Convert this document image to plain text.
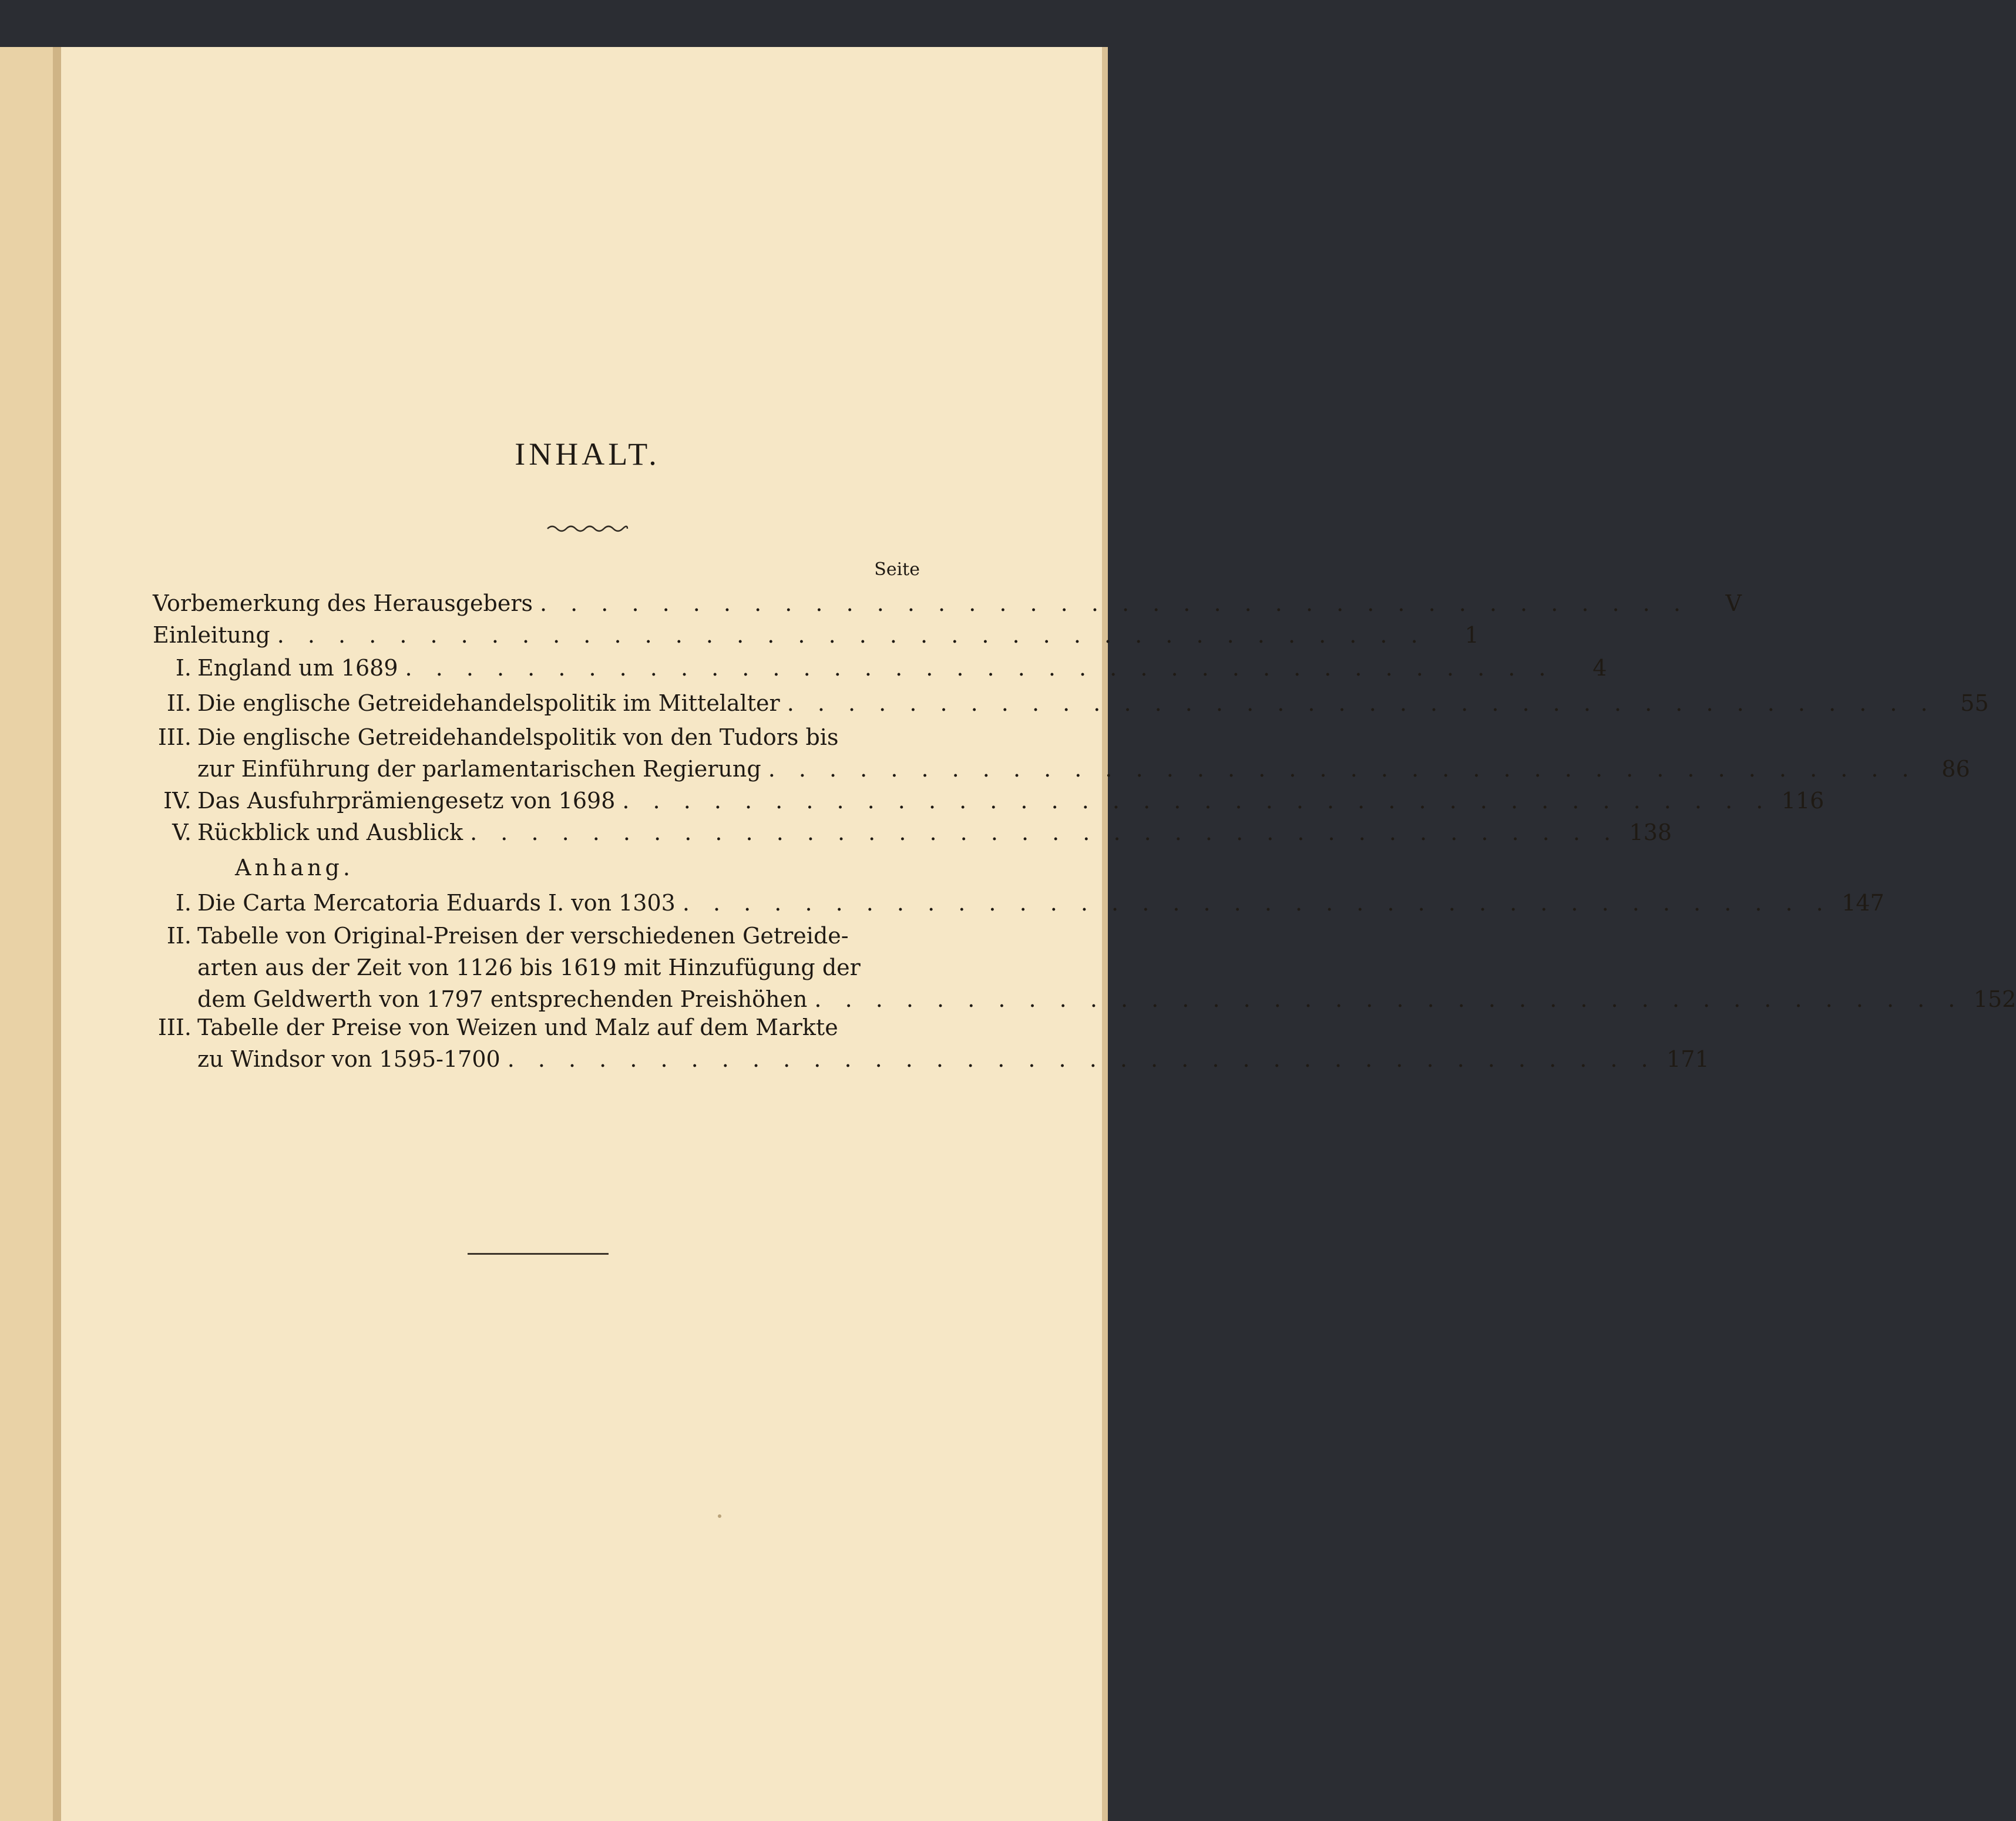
INHALT.
Seite
Vorbemerkung des Herausgebers . . . . . . . . . . . . . . . . . . . . . . . . . . . . . . . . . . . . . .	V
Einleitung . . . . . . . . . . . . . . . . . . . . . . . . . . . . . . . . . . . . . .	1
I. England um 1689 . . . . . . . . . . . . . . . . . . . . . . . . . . . . . . . . . . . . . .	4
II. Die englische Getreidehandelspolitik im Mittelalter . . . . . . . . . . . . . . . . . . . . . . . . . . . . . . . . . . . . . .	55
III. Die englische Getreidehandelspolitik von den Tudors bis
zur Einführung der parlamentarischen Regierung . . . . . . . . . . . . . . . . . . . . . . . . . . . . . . . . . . . . . .	86
IV. Das Ausfuhrprämiengesetz von 1698 . . . . . . . . . . . . . . . . . . . . . . . . . . . . . . . . . . . . . . 116
V. Rückblick und Ausblick . . . . . . . . . . . . . . . . . . . . . . . . . . . . . . . . . . . . . . 138
Anhang.
I. Die Carta Mercatoria Eduards I. von 1303 . . . . . . . . . . . . . . . . . . . . . . . . . . . . . . . . . . . . . . 147
II. Tabelle von Original-Preisen der verschiedenen Getreide-
arten aus der Zeit von 1126 bis 1619 mit Hinzufügung der
dem Geldwerth von 1797 entsprechenden Preishöhen . . . . . . . . . . . . . . . . . . . . . . . . . . . . . . . . . . . . . . 152
III. Tabelle der Preise von Weizen und Malz auf dem Markte
zu Windsor von 1595-1700 . . . . . . . . . . . . . . . . . . . . . . . . . . . . . . . . . . . . . . 171
